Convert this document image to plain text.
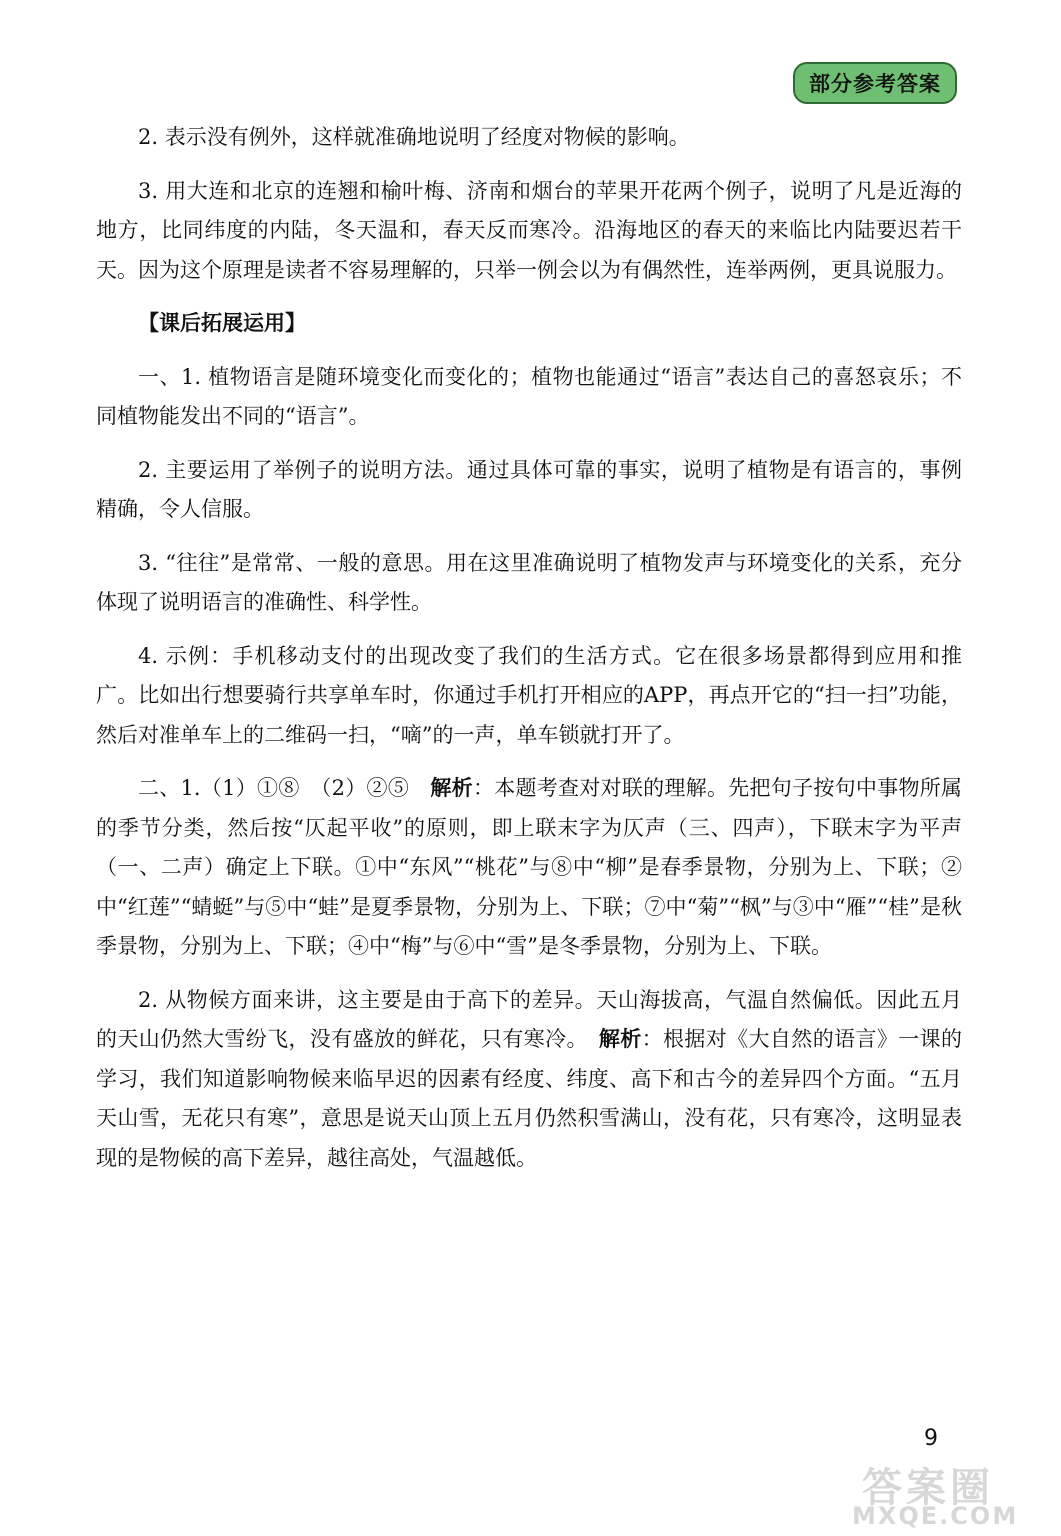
部分参考答案

2. 表示没有例外，这样就准确地说明了经度对物候的影响。

3. 用大连和北京的连翘和榆叶梅、济南和烟台的苹果开花两个例子，说明了凡是近海的地方，比同纬度的内陆，冬天温和，春天反而寒冷。沿海地区的春天的来临比内陆要迟若干天。因为这个原理是读者不容易理解的，只举一例会以为有偶然性，连举两例，更具说服力。

【课后拓展运用】

一、1. 植物语言是随环境变化而变化的；植物也能通过“语言”表达自己的喜怒哀乐；不同植物能发出不同的“语言”。

2. 主要运用了举例子的说明方法。通过具体可靠的事实，说明了植物是有语言的，事例精确，令人信服。

3. “往往”是常常、一般的意思。用在这里准确说明了植物发声与环境变化的关系，充分体现了说明语言的准确性、科学性。

4. 示例：手机移动支付的出现改变了我们的生活方式。它在很多场景都得到应用和推广。比如出行想要骑行共享单车时，你通过手机打开相应的APP，再点开它的“扫一扫”功能，然后对准单车上的二维码一扫，“嘀”的一声，单车锁就打开了。

二、1.（1）①⑧　（2）②⑤　解析：本题考查对对联的理解。先把句子按句中事物所属的季节分类，然后按“仄起平收”的原则，即上联末字为仄声（三、四声），下联末字为平声（一、二声）确定上下联。①中“东风”“桃花”与⑧中“柳”是春季景物，分别为上、下联；②中“红莲”“蜻蜓”与⑤中“蛙”是夏季景物，分别为上、下联；⑦中“菊”“枫”与③中“雁”“桂”是秋季景物，分别为上、下联；④中“梅”与⑥中“雪”是冬季景物，分别为上、下联。

2. 从物候方面来讲，这主要是由于高下的差异。天山海拔高，气温自然偏低。因此五月的天山仍然大雪纷飞，没有盛放的鲜花，只有寒冷。　解析：根据对《大自然的语言》一课的学习，我们知道影响物候来临早迟的因素有经度、纬度、高下和古今的差异四个方面。“五月天山雪，无花只有寒”，意思是说天山顶上五月仍然积雪满山，没有花，只有寒冷，这明显表现的是物候的高下差异，越往高处，气温越低。

9
答案圈
MXQE.COM
